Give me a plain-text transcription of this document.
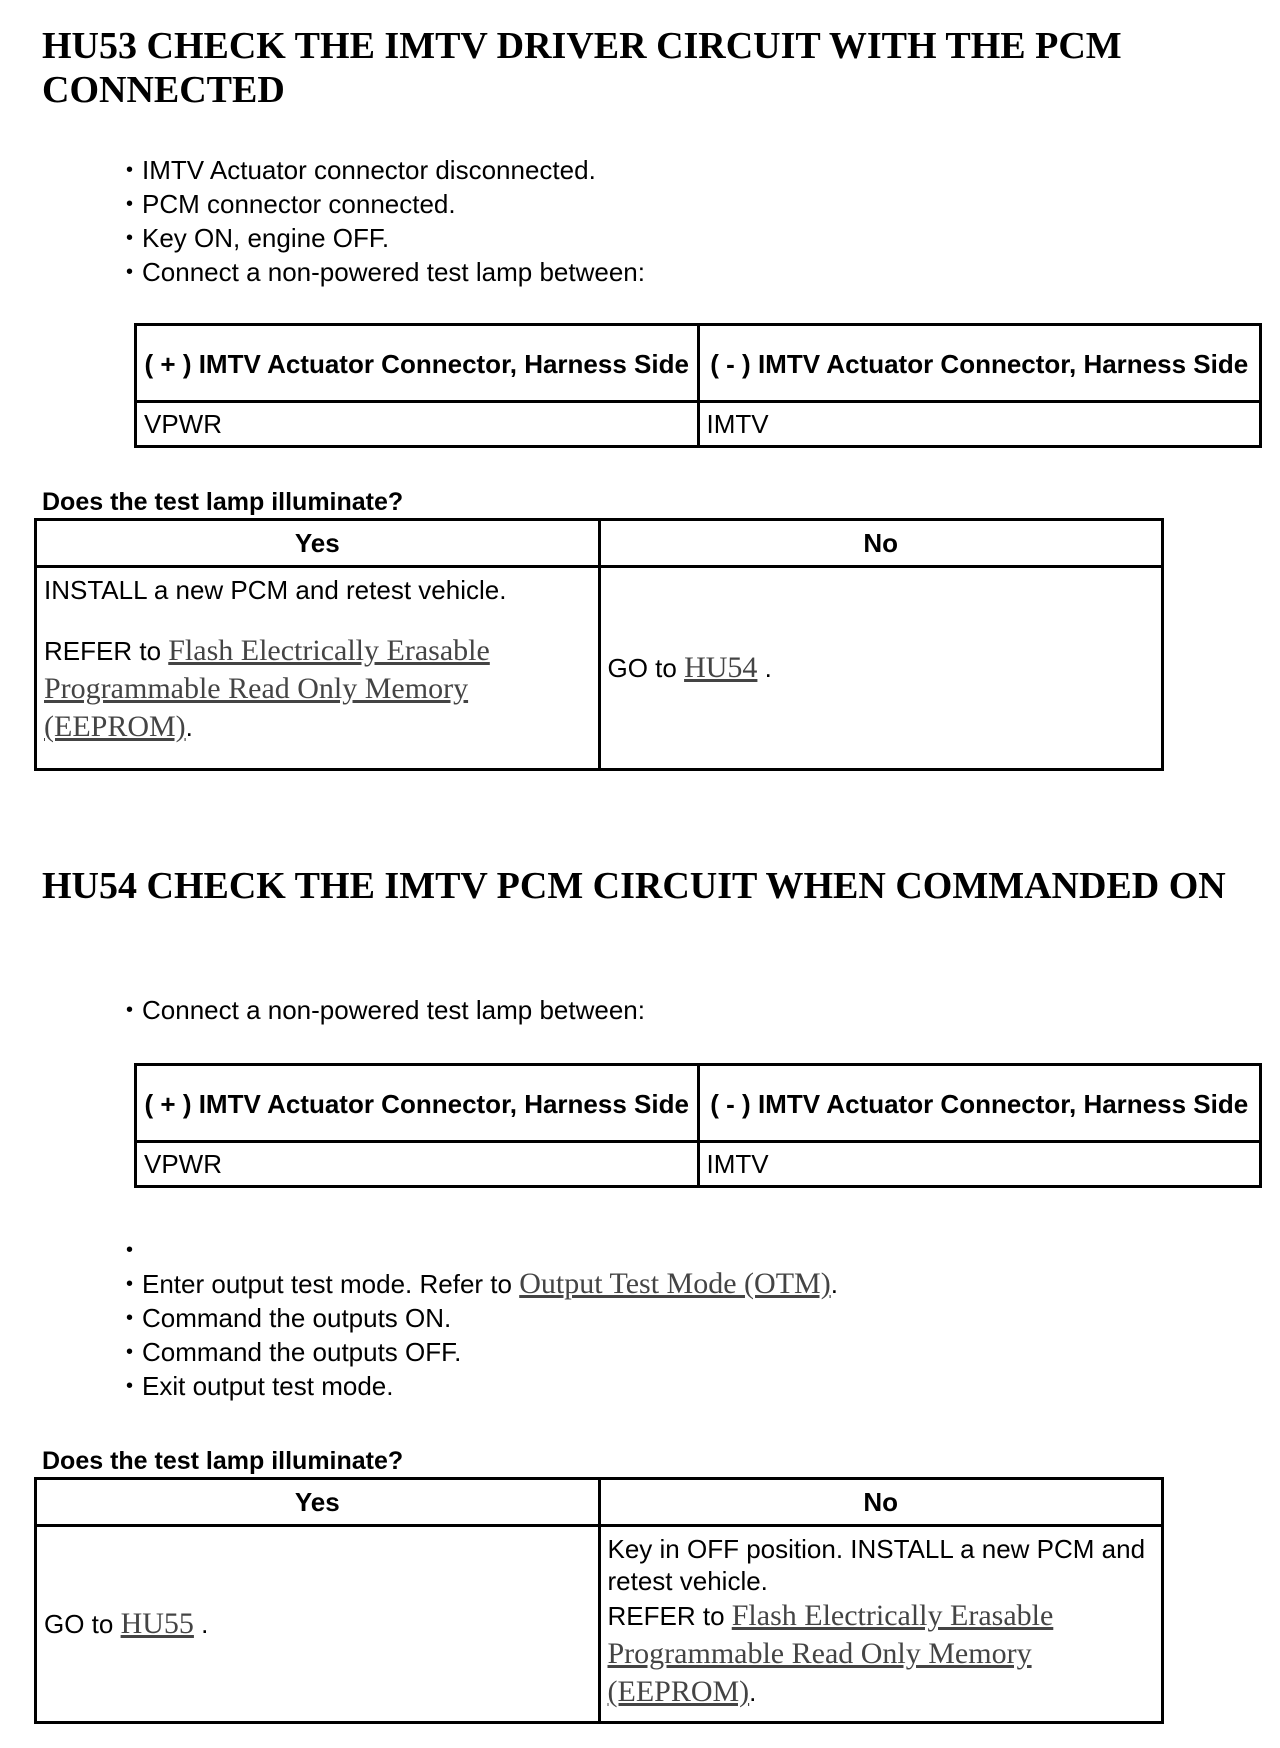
HU53 CHECK THE IMTV DRIVER CIRCUIT WITH THE PCM CONNECTED
• IMTV Actuator connector disconnected.
• PCM connector connected.
• Key ON, engine OFF.
• Connect a non-powered test lamp between:
( + ) IMTV Actuator Connector, Harness Side	( - ) IMTV Actuator Connector, Harness Side
VPWR	IMTV

Does the test lamp illuminate?

Yes	No

INSTALL a new PCM and retest vehicle.
REFER to Flash Electrically Erasable Programmable Read Only Memory (EEPROM).	GO to HU54 .
HU54 CHECK THE IMTV PCM CIRCUIT WHEN COMMANDED ON
• Connect a non-powered test lamp between:
( + ) IMTV Actuator Connector, Harness Side	( - ) IMTV Actuator Connector, Harness Side
VPWR	IMTV
•
• Enter output test mode. Refer to Output Test Mode (OTM).
• Command the outputs ON.
• Command the outputs OFF.
• Exit output test mode.

Does the test lamp illuminate?

Yes	No
GO to HU55 .	Key in OFF position. INSTALL a new PCM and retest vehicle.
REFER to Flash Electrically Erasable Programmable Read Only Memory (EEPROM).
